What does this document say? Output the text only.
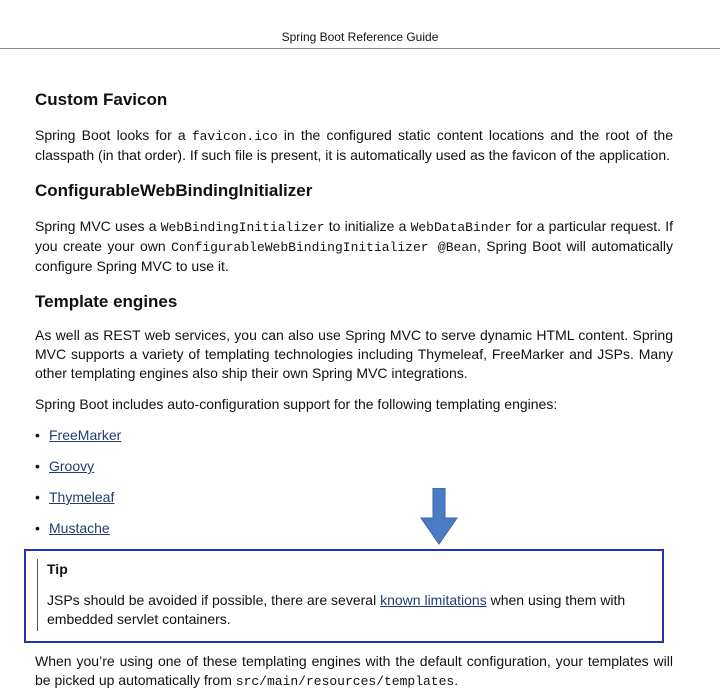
Spring Boot Reference Guide
Custom Favicon

Spring Boot looks for a favicon.ico in the configured static content locations and the root of the classpath (in that order). If such file is present, it is automatically used as the favicon of the application.

ConfigurableWebBindingInitializer

Spring MVC uses a WebBindingInitializer to initialize a WebDataBinder for a particular request. If you create your own ConfigurableWebBindingInitializer @Bean, Spring Boot will automatically configure Spring MVC to use it.

Template engines

As well as REST web services, you can also use Spring MVC to serve dynamic HTML content. Spring MVC supports a variety of templating technologies including Thymeleaf, FreeMarker and JSPs. Many other templating engines also ship their own Spring MVC integrations.

Spring Boot includes auto-configuration support for the following templating engines:

• FreeMarker
• Groovy
• Thymeleaf
• Mustache
Tip
JSPs should be avoided if possible, there are several known limitations when using them with embedded servlet containers.

When you’re using one of these templating engines with the default configuration, your templates will be picked up automatically from src/main/resources/templates.
